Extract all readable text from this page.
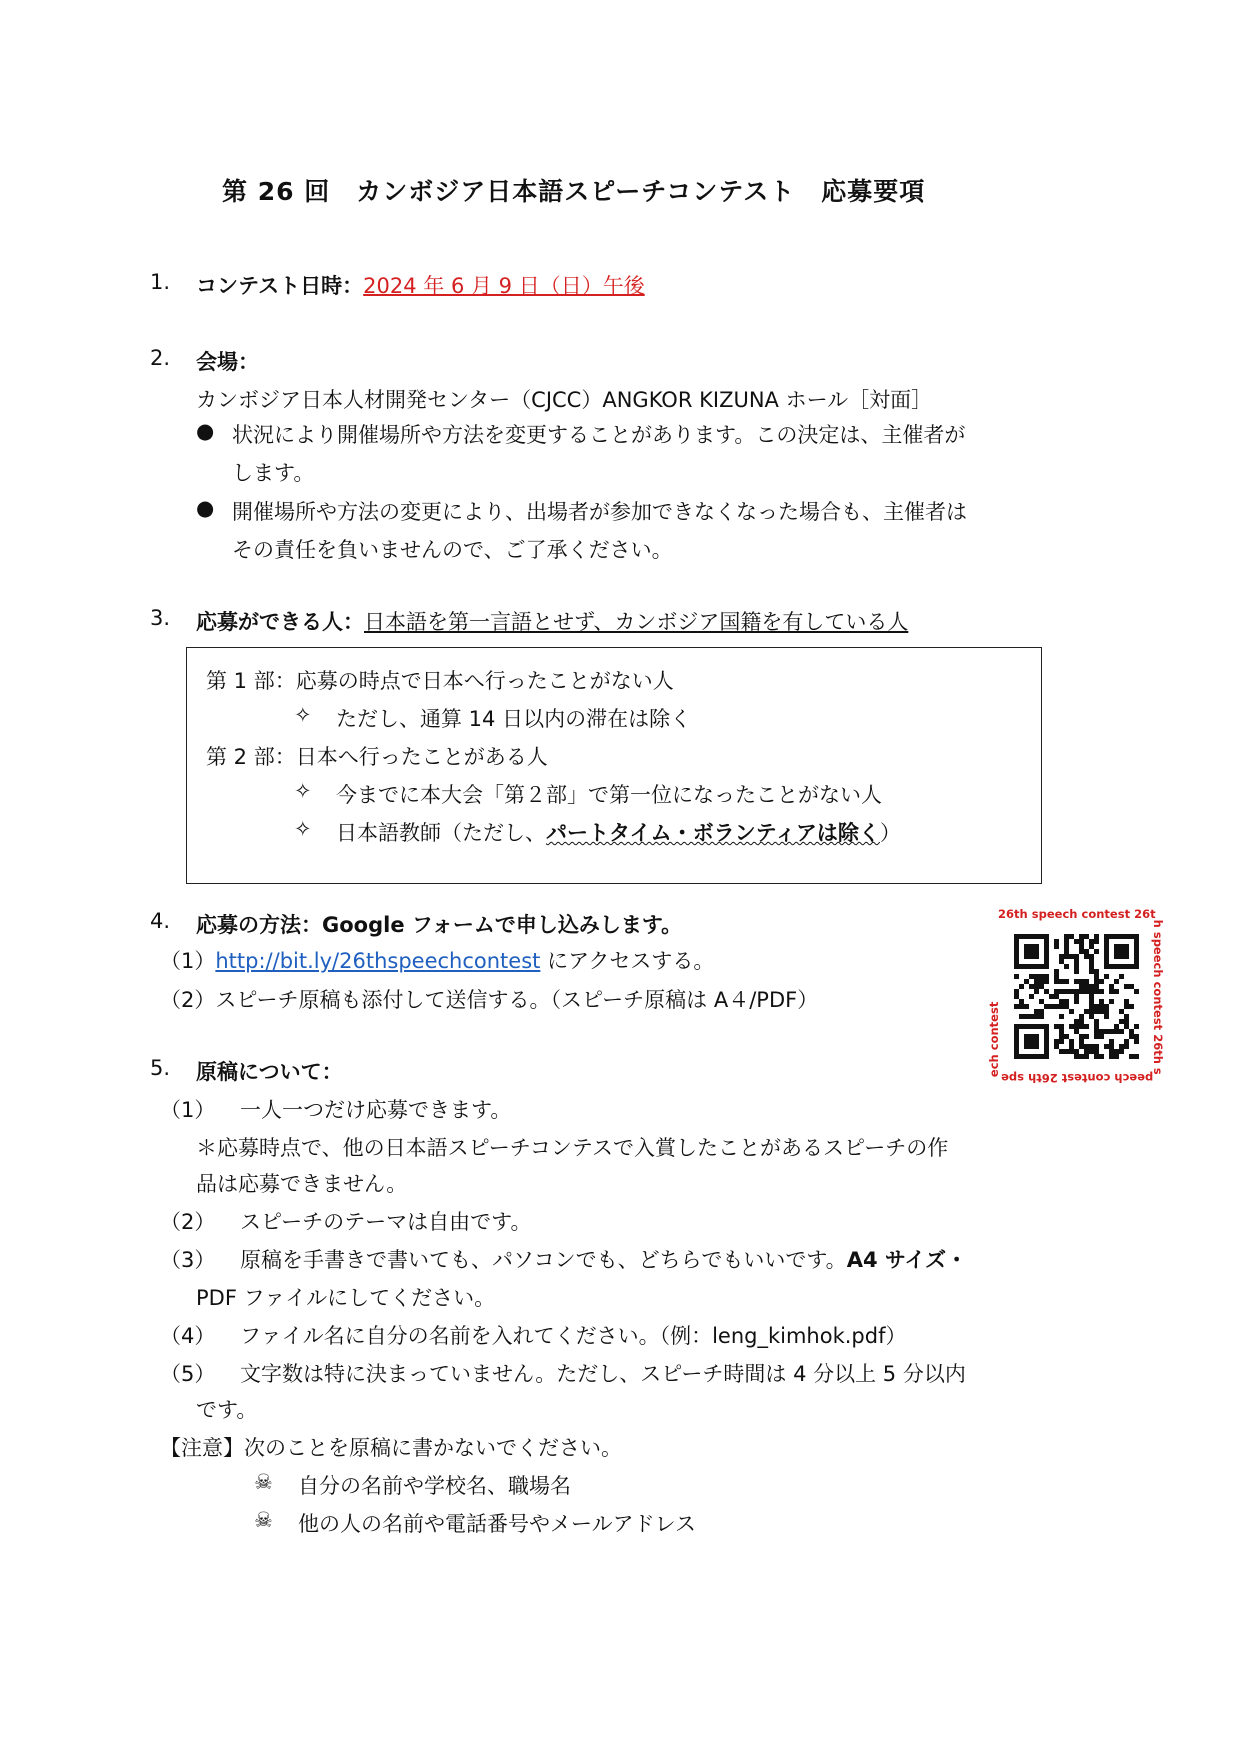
第 26 回　カンボジア日本語スピーチコンテスト　応募要項
1. コンテスト日時：2024 年 6 月 9 日（日）午後
2. 会場：
カンボジア日本人材開発センター（CJCC）ANGKOR KIZUNA ホール［対面］
● 状況により開催場所や方法を変更することがあります。この決定は、主催者が
します。
● 開催場所や方法の変更により、出場者が参加できなくなった場合も、主催者は
その責任を負いませんので、ご了承ください。
3. 応募ができる人：日本語を第一言語とせず、カンボジア国籍を有している人
第 1 部：応募の時点で日本へ行ったことがない人
✧ ただし、通算 14 日以内の滞在は除く
第 2 部：日本へ行ったことがある人
✧ 今までに本大会「第２部」で第一位になったことがない人
✧ 日本語教師（ただし、パートタイム・ボランティアは除く）
4. 応募の方法：Google フォームで申し込みします。
（1）http://bit.ly/26thspeechcontest にアクセスする。
（2）スピーチ原稿も添付して送信する。（スピーチ原稿は A４/PDF）
26th speech contest 26th speech contest 26th speech contest 26th speech contest
5. 原稿について：
（1） 一人一つだけ応募できます。
＊応募時点で、他の日本語スピーチコンテスで入賞したことがあるスピーチの作
品は応募できません。
（2） スピーチのテーマは自由です。
（3） 原稿を手書きで書いても、パソコンでも、どちらでもいいです。A4 サイズ・
PDF ファイルにしてください。
（4） ファイル名に自分の名前を入れてください。（例：leng_kimhok.pdf）
（5） 文字数は特に決まっていません。ただし、スピーチ時間は 4 分以上 5 分以内
です。
【注意】次のことを原稿に書かないでください。
☠ 自分の名前や学校名、職場名
☠ 他の人の名前や電話番号やメールアドレス
